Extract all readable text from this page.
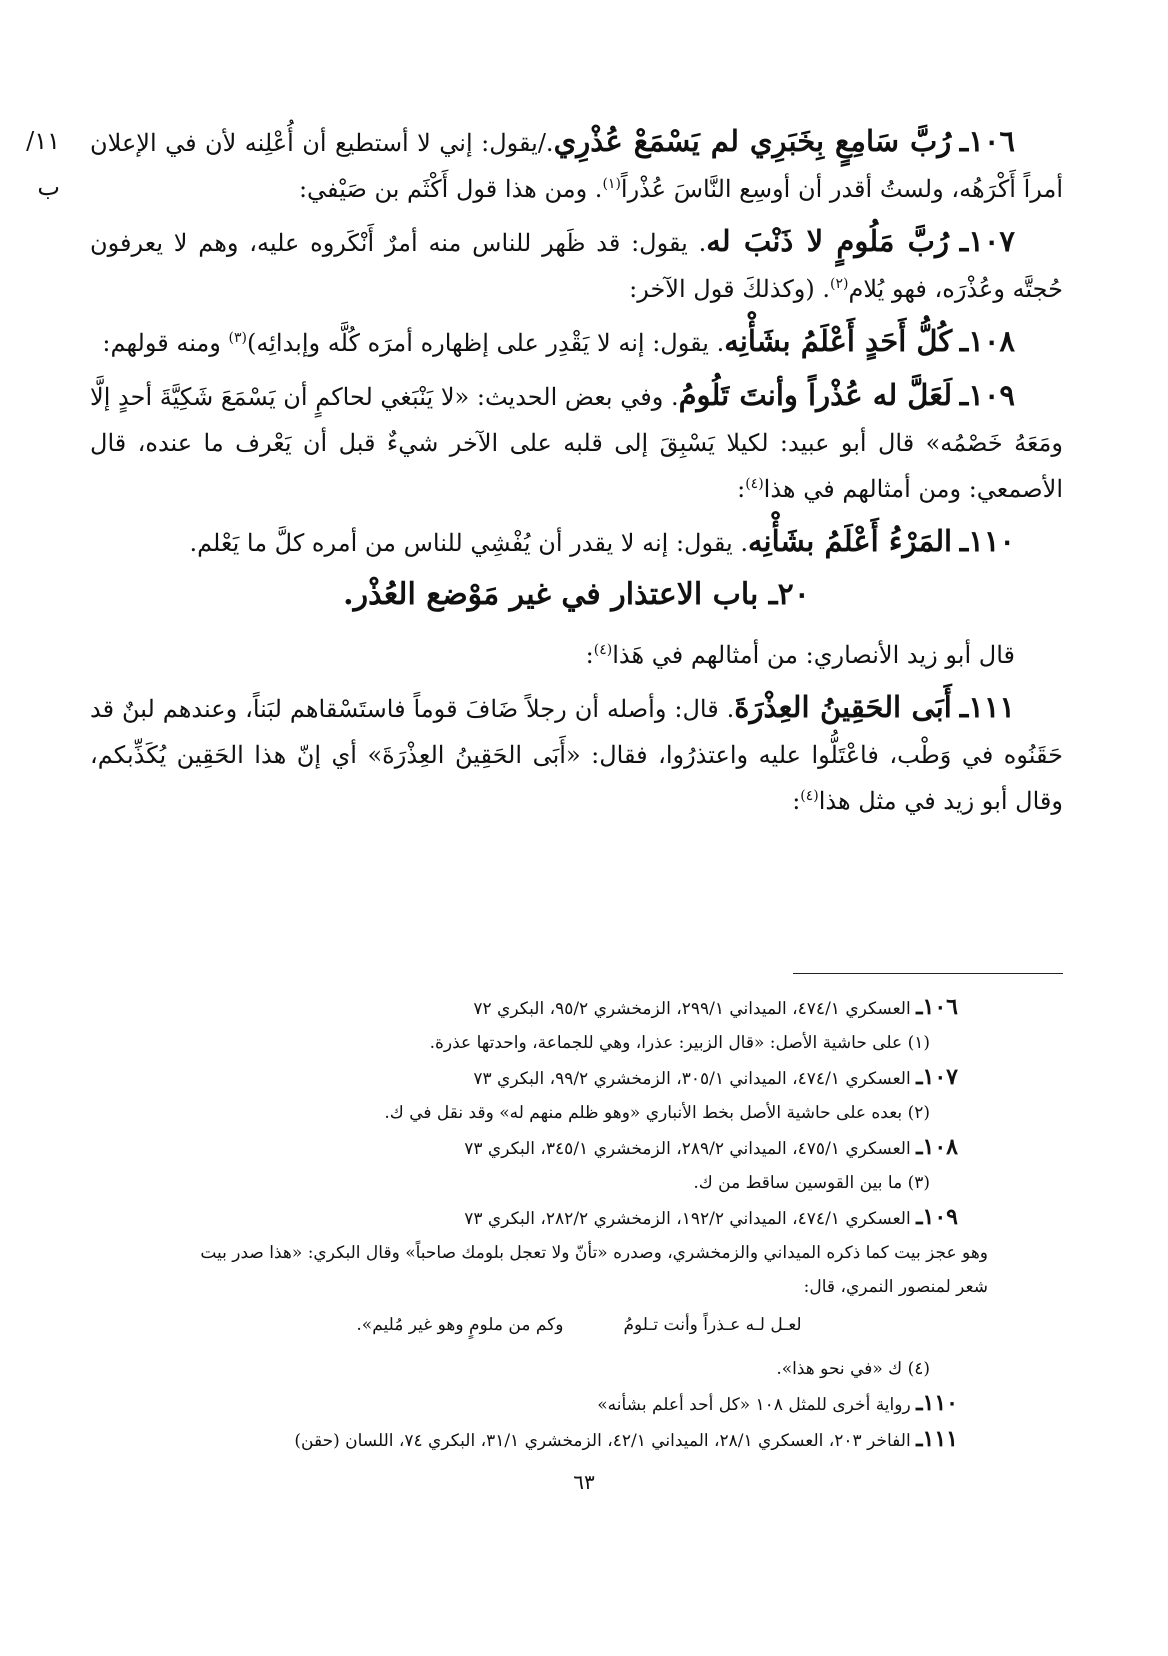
١١/ب

١٠٦ـ رُبَّ سَامِعٍ بِخَبَرِي لم يَسْمَعْ عُذْرِي./يقول: إني لا أستطيع أن أُعْلِنه لأن في الإعلان أمراً أَكْرَهُه، ولستُ أقدر أن أوسِع النَّاسَ عُذْراً$^{(١)}$. ومن هذا قول أَكْثَم بن صَيْفي:

١٠٧ـ رُبَّ مَلُومٍ لا ذَنْبَ له. يقول: قد ظَهر للناس منه أمرٌ أَنْكَروه عليه، وهم لا يعرفون حُجتَّه وعُذْرَه، فهو يُلام$^{(٢)}$. (وكذلكَ قول الآخر:

١٠٨ـ كُلُّ أَحَدٍ أَعْلَمُ بشَأْنِه. يقول: إنه لا يَقْدِر على إظهاره أمرَه كُلَّه وإبدائِه)$^{(٣)}$ ومنه قولهم:

١٠٩ـ لَعَلَّ له عُذْراً وأنتَ تَلُومُ. وفي بعض الحديث: «لا يَنْبَغي لحاكمٍ أن يَسْمَعَ شَكِيَّةَ أحدٍ إلَّا ومَعَهُ خَصْمُه» قال أبو عبيد: لكيلا يَسْبِقَ إلى قلبه على الآخر شيءٌ قبل أن يَعْرف ما عنده، قال الأصمعي: ومن أمثالهم في هذا$^{(٤)}$:

١١٠ـ المَرْءُ أَعْلَمُ بشَأْنِه. يقول: إنه لا يقدر أن يُفْشِي للناس من أمره كلَّ ما يَعْلم.

٢٠ـ باب الاعتذار في غير مَوْضع العُذْر.

قال أبو زيد الأنصاري: من أمثالهم في هَذا$^{(٤)}$:

١١١ـ أَبَى الحَقِينُ العِذْرَةَ. قال: وأصله أن رجلاً ضَافَ قوماً فاستَسْقاهم لبَناً، وعندهم لبنٌ قد حَقَنُوه في وَطْب، فاعْتَلُّوا عليه واعتذرُوا، فقال: «أَبَى الحَقِينُ العِذْرَةَ» أي إنّ هذا الحَقِين يُكَذِّبكم، وقال أبو زيد في مثل هذا$^{(٤)}$:

١٠٦ـ العسكري ٤٧٤/١، الميداني ٢٩٩/١، الزمخشري ٩٥/٢، البكري ٧٢

(١) على حاشية الأصل: «قال الزبير: عذرا، وهي للجماعة، واحدتها عذرة.

١٠٧ـ العسكري ٤٧٤/١، الميداني ٣٠٥/١، الزمخشري ٩٩/٢، البكري ٧٣

(٢) بعده على حاشية الأصل بخط الأنباري «وهو ظلم منهم له» وقد نقل في ك.

١٠٨ـ العسكري ٤٧٥/١، الميداني ٢٨٩/٢، الزمخشري ٣٤٥/١، البكري ٧٣

(٣) ما بين القوسين ساقط من ك.

١٠٩ـ العسكري ٤٧٤/١، الميداني ١٩٢/٢، الزمخشري ٢٨٢/٢، البكري ٧٣

وهو عجز بيت كما ذكره الميداني والزمخشري، وصدره «تأنّ ولا تعجل بلومك صاحباً» وقال البكري: «هذا صدر بيت شعر لمنصور النمري، قال:

لعـل لـه عـذراً وأنت تـلومُ
وكم من ملومٍ وهو غير مُليم».

(٤) ك «في نحو هذا».

١١٠ـ رواية أخرى للمثل ١٠٨ «كل أحد أعلم بشأنه»

١١١ـ الفاخر ٢٠٣، العسكري ٢٨/١، الميداني ٤٢/١، الزمخشري ٣١/١، البكري ٧٤، اللسان (حقن)

٦٣
